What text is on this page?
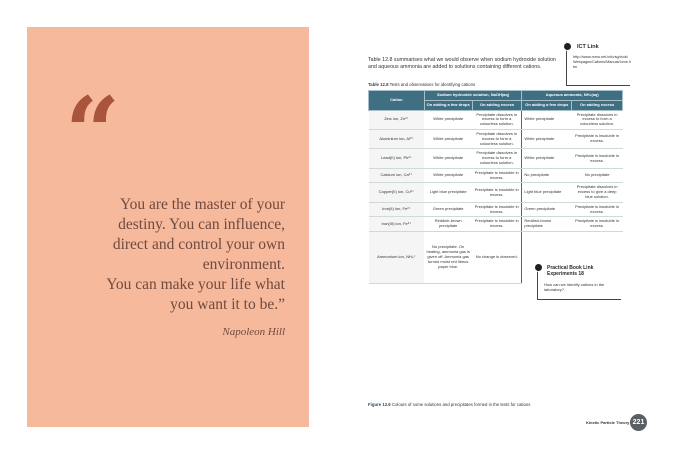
“
You are the master of your
destiny. You can influence,
direct and control your own
environment.
You can make your life what
you want it to be.”
Napoleon Hill
Table 12.8 summarises what we would observe when sodium hydroxide solution and aqueous ammonia are added to solutions containing different cations.
Table 12.8 Tests and observations for identifying cations
ICT Link
http://www.rsmu.net.info/sg/ctob/Webpages/Cations/Manual/Lime.htm
Cation	Sodium hydroxide solution, NaOH(aq)		Aqueous ammonia, NH₃(aq)	
	On adding a few drops	On adding excess	On adding a few drops	On adding excess
Zinc ion, Zn²⁺	White precipitate	Precipitate dissolves in excess to form a colourless solution.	White precipitate	Precipitate dissolves in excess to form a colourless solution.
Aluminium ion, Al³⁺	White precipitate	Precipitate dissolves in excess to form a colourless solution.	White precipitate	Precipitate is insoluble in excess.
Lead(II) ion, Pb²⁺	White precipitate	Precipitate dissolves in excess to form a colourless solution.	White precipitate	Precipitate is insoluble in excess.
Calcium ion, Ca²⁺	White precipitate	Precipitate is insoluble in excess.	No precipitate	No precipitate
Copper(II) ion, Cu²⁺	Light blue precipitate	Precipitate is insoluble in excess.	Light blue precipitate	Precipitate dissolves in excess to give a deep blue solution.
Iron(II) ion, Fe²⁺	Green precipitate	Precipitate is insoluble in excess.	Green precipitate	Precipitate is insoluble in excess.
Iron(III) ion, Fe³⁺	Reddish-brown precipitate	Precipitate is insoluble in excess.	Reddish-brown precipitate	Precipitate is insoluble in excess.
Ammonium ion, NH₄⁺	No precipitate. On heating, ammonia gas is given off. Ammonia gas turned moist red litmus paper blue.	No change is observed.		
Practical Book Link Experiments 18
How can we identify cations in the laboratory?
Figure 12.6 Colours of some solutions and precipitates formed in the tests for cations
Kinetic Particle Theory 221
